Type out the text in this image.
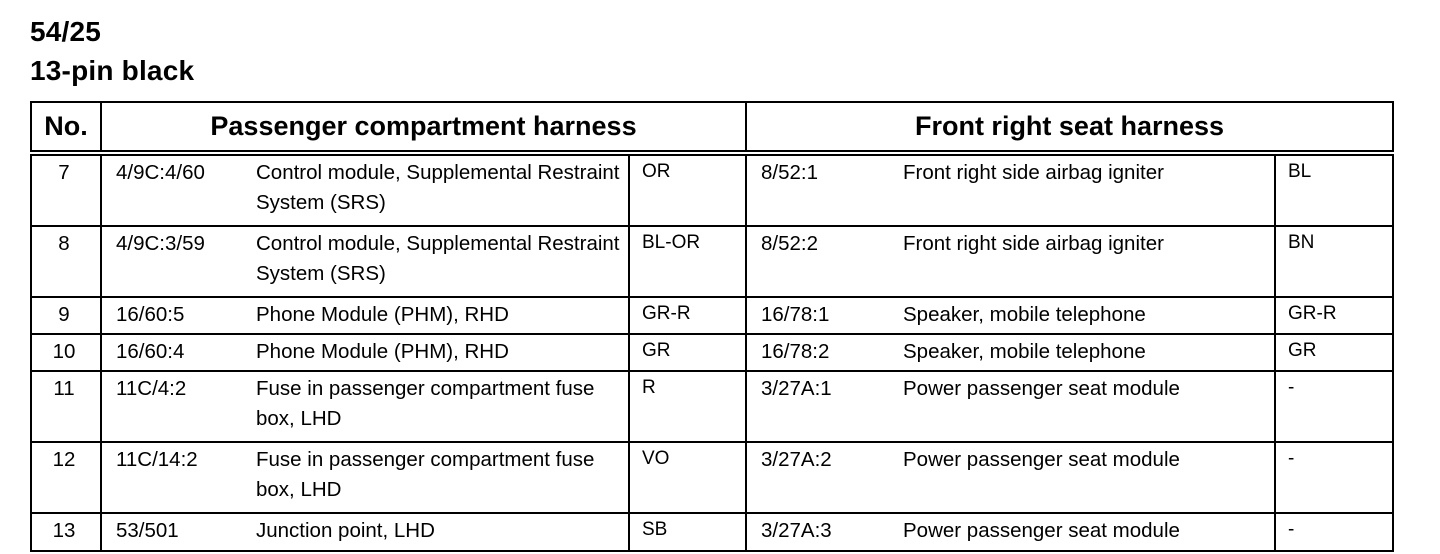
54/25
13-pin black
No.	Passenger compartment harness		Front right seat harness	
7	4/9C:4/60 Control module, Supplemental Restraint System (SRS)	OR	8/52:1 Front right side airbag igniter	BL
8	4/9C:3/59 Control module, Supplemental Restraint System (SRS)	BL-OR	8/52:2 Front right side airbag igniter	BN
9	16/60:5 Phone Module (PHM), RHD	GR-R	16/78:1 Speaker, mobile telephone	GR-R
10	16/60:4 Phone Module (PHM), RHD	GR	16/78:2 Speaker, mobile telephone	GR
11	11C/4:2 Fuse in passenger compartment fuse box, LHD	R	3/27A:1 Power passenger seat module	-
12	11C/14:2 Fuse in passenger compartment fuse box, LHD	VO	3/27A:2 Power passenger seat module	-
13	53/501 Junction point, LHD	SB	3/27A:3 Power passenger seat module	-
